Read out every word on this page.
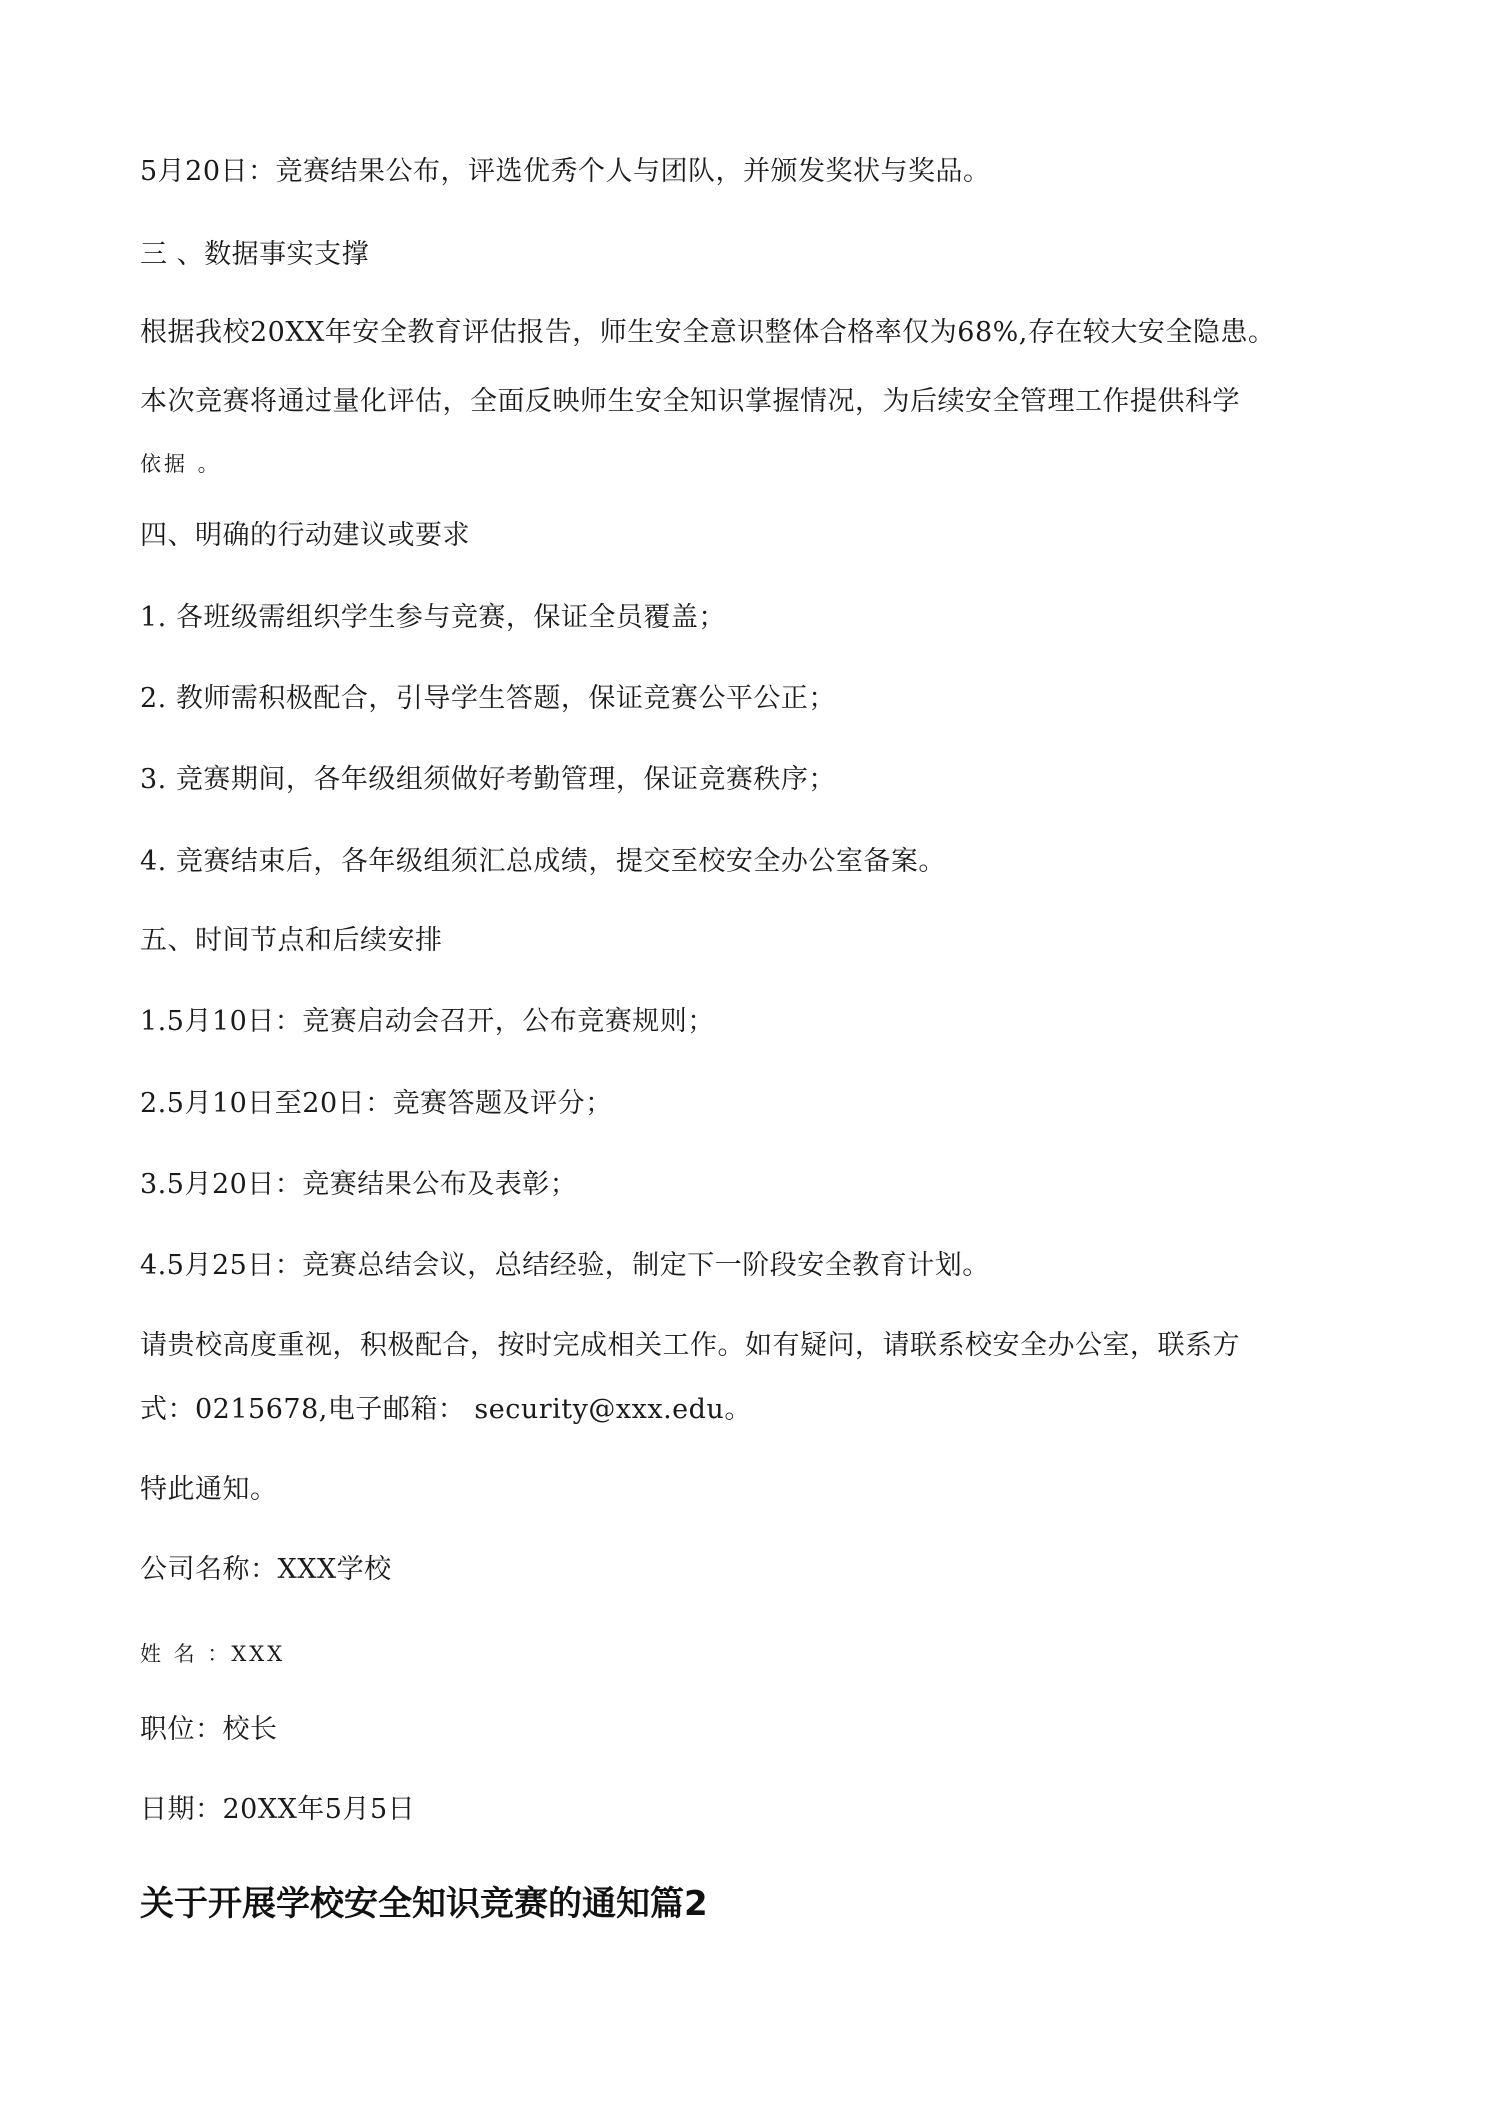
5月20日：竞赛结果公布，评选优秀个人与团队，并颁发奖状与奖品。
三 、数据事实支撑
根据我校20XX年安全教育评估报告，师生安全意识整体合格率仅为68%,存在较大安全隐患。
本次竞赛将通过量化评估，全面反映师生安全知识掌握情况，为后续安全管理工作提供科学
依据 。
四、明确的行动建议或要求
1. 各班级需组织学生参与竞赛，保证全员覆盖；
2. 教师需积极配合，引导学生答题，保证竞赛公平公正；
3. 竞赛期间，各年级组须做好考勤管理，保证竞赛秩序；
4. 竞赛结束后，各年级组须汇总成绩，提交至校安全办公室备案。
五、时间节点和后续安排
1.5月10日：竞赛启动会召开，公布竞赛规则；
2.5月10日至20日：竞赛答题及评分；
3.5月20日：竞赛结果公布及表彰；
4.5月25日：竞赛总结会议，总结经验，制定下一阶段安全教育计划。
请贵校高度重视，积极配合，按时完成相关工作。如有疑问，请联系校安全办公室，联系方
式：0215678,电子邮箱： security@xxx.edu。
特此通知。
公司名称：XXX学校
姓 名 ：XXX
职位：校长
日期：20XX年5月5日
关于开展学校安全知识竞赛的通知篇2
